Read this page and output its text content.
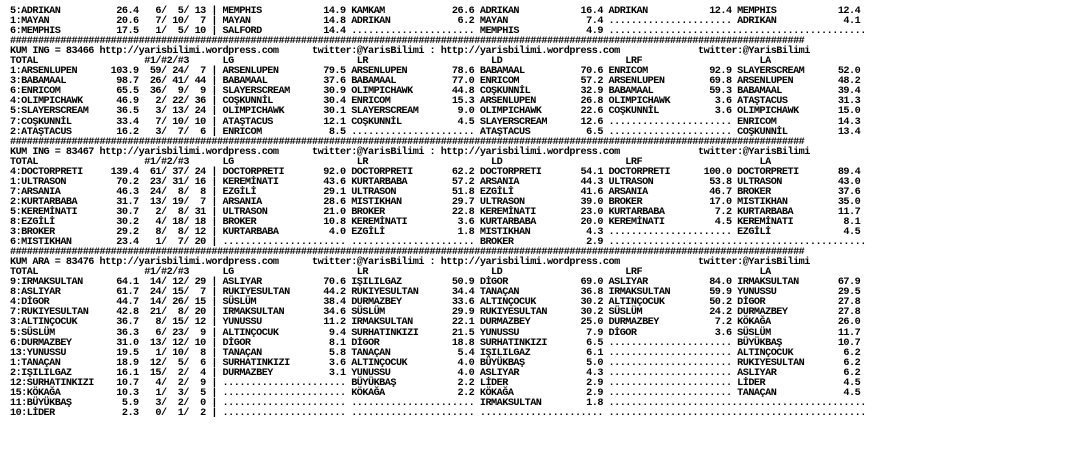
5:ADRIKAN          26.4   6/  5/ 13 | MEMPHIS           14.9 KAMKAM            26.6 ADRIKAN           16.4 ADRIKAN           12.4 MEMPHIS           12.4
1:MAYAN            20.6   7/ 10/  7 | MAYAN             14.8 ADRIKAN            6.2 MAYAN              7.4 ...................... ADRIKAN            4.1
6:MEMPHIS          17.5   1/  5/ 10 | SALFORD           14.4 ...................... MEMPHIS            4.9 ..............................................
##############################################################################################################################################
KUM ING = 83466 http://yarisbilimi.wordpress.com      twitter:@YarisBilimi : http://yarisbilimi.wordpress.com              twitter:@YarisBilimi
TOTAL                   #1/#2/#3      LG                      LR                      LD                      LRF                     LA
1:ARSENLUPEN      103.9  59/ 24/  7 | ARSENLUPEN        79.5 ARSENLUPEN        78.6 BABAMAAL          70.6 ENRICOM           92.9 SLAYERSCREAM      52.0
3:BABAMAAL         98.7  26/ 41/ 44 | BABAMAAL          37.6 BABAMAAL          77.0 ENRICOM           57.2 ARSENLUPEN        69.8 ARSENLUPEN        48.2
6:ENRICOM          65.5  36/  9/  9 | SLAYERSCREAM      30.9 OLIMPICHAWK       44.8 COŞKUNNİL         32.9 BABAMAAL          59.3 BABAMAAL          39.4
4:OLIMPICHAWK      46.9   2/ 22/ 36 | COŞKUNNİL         30.4 ENRICOM           15.3 ARSENLUPEN        26.8 OLIMPICHAWK        3.6 ATAŞTACUS         31.3
5:SLAYERSCREAM     36.5   3/ 13/ 24 | OLIMPICHAWK       30.1 SLAYERSCREAM       9.0 OLIMPICHAWK       22.6 COŞKUNNİL          3.6 OLIMPICHAWK       15.0
7:COŞKUNNİL        33.4   7/ 10/ 10 | ATAŞTACUS         12.1 COŞKUNNİL          4.5 SLAYERSCREAM      12.6 ...................... ENRICOM           14.3
2:ATAŞTACUS        16.2   3/  7/  6 | ENRICOM            8.5 ...................... ATAŞTACUS          6.5 ...................... COŞKUNNİL         13.4
##############################################################################################################################################
KUM ING = 83467 http://yarisbilimi.wordpress.com      twitter:@YarisBilimi : http://yarisbilimi.wordpress.com              twitter:@YarisBilimi
TOTAL                   #1/#2/#3      LG                      LR                      LD                      LRF                     LA
4:DOCTORPRETI     139.4  61/ 37/ 24 | DOCTORPRETI       92.0 DOCTORPRETI       62.2 DOCTORPRETI       54.1 DOCTORPRETI      100.0 DOCTORPRETI       89.4
1:ULTRASON         70.2  23/ 31/ 16 | KEREMİNATI        43.6 KURTARBABA        57.2 ARSANIA           44.3 ULTRASON          53.8 ULTRASON          43.0
7:ARSANIA          46.3  24/  8/  8 | EZGİLİ            29.1 ULTRASON          51.8 EZGİLİ            41.6 ARSANIA           46.7 BROKER            37.6
2:KURTARBABA       31.7  13/ 19/  7 | ARSANIA           28.6 MISTIKHAN         29.7 ULTRASON          39.0 BROKER            17.0 MISTIKHAN         35.0
5:KEREMİNATI       30.7   2/  8/ 31 | ULTRASON          21.0 BROKER            22.8 KEREMİNATI        23.0 KURTARBABA         7.2 KURTARBABA        11.7
8:EZGİLİ           30.2   4/ 18/ 18 | BROKER            10.8 KEREMİNATI         3.6 KURTARBABA        20.0 KEREMİNATI         4.5 KEREMİNATI         8.1
3:BROKER           29.2   8/  8/ 12 | KURTARBABA         4.0 EZGİLİ             1.8 MISTIKHAN          4.3 ...................... EZGİLİ             4.5
6:MISTIKHAN        23.4   1/  7/ 20 | ...................... ...................... BROKER             2.9 ..............................................
##############################################################################################################################################
KUM ARA = 83476 http://yarisbilimi.wordpress.com      twitter:@YarisBilimi : http://yarisbilimi.wordpress.com              twitter:@YarisBilimi
TOTAL                   #1/#2/#3      LG                      LR                      LD                      LRF                     LA
9:IRMAKSULTAN      64.1  14/ 12/ 29 | ASLIYAR           70.6 IŞILILGAZ         50.9 DİGOR             69.0 ASLIYAR           84.0 IRMAKSULTAN       67.9
8:ASLIYAR          61.7  24/ 15/  7 | RUKIYESULTAN      44.2 RUKIYESULTAN      34.4 TANAÇAN           36.8 IRMAKSULTAN       59.9 YUNUSSU           29.5
4:DİGOR            44.7  14/ 26/ 15 | SÜSLÜM            38.4 DURMAZBEY         33.6 ALTINÇOCUK        30.2 ALTINÇOCUK        50.2 DİGOR             27.8
7:RUKIYESULTAN     42.8  21/  8/ 20 | IRMAKSULTAN       34.6 SÜSLÜM            29.9 RUKIYESULTAN      30.2 SÜSLÜM            24.2 DURMAZBEY         27.8
3:ALTINÇOCUK       36.7   8/ 15/ 12 | YUNUSSU           11.2 IRMAKSULTAN       22.1 DURMAZBEY         25.0 DURMAZBEY          7.2 KÖKAĞA            26.0
5:SÜSLÜM           36.3   6/ 23/  9 | ALTINÇOCUK         9.4 SURHATINKIZI      21.5 YUNUSSU            7.9 DİGOR              3.6 SÜSLÜM            11.7
6:DURMAZBEY        31.0  13/ 12/ 10 | DİGOR              8.1 DİGOR             18.8 SURHATINKIZI       6.5 ...................... BÜYÜKBAŞ          10.7
13:YUNUSSU         19.5   1/ 10/  8 | TANAÇAN            5.8 TANAÇAN            5.4 IŞILILGAZ          6.1 ...................... ALTINÇOCUK         6.2
1:TANAÇAN          18.9  12/  5/  6 | SURHATINKIZI       3.6 ALTINÇOCUK         4.0 BÜYÜKBAŞ           5.0 ...................... RUKIYESULTAN       6.2
2:IŞILILGAZ        16.1  15/  2/  4 | DURMAZBEY          3.1 YUNUSSU            4.0 ASLIYAR            4.3 ...................... ASLIYAR            6.2
12:SURHATINKIZI    10.7   4/  2/  9 | ...................... BÜYÜKBAŞ           2.2 LİDER              2.9 ...................... LİDER              4.5
15:KÖKAĞA          10.3   1/  3/  5 | ...................... KÖKAĞA             2.2 KÖKAĞA             2.9 ...................... TANAÇAN            4.5
11:BÜYÜKBAŞ         5.9   3/  2/  0 | ...................... ...................... IRMAKSULTAN        1.8 ..............................................
10:LİDER            2.3   0/  1/  2 | ...................... ...................... ...................... ..............................................
